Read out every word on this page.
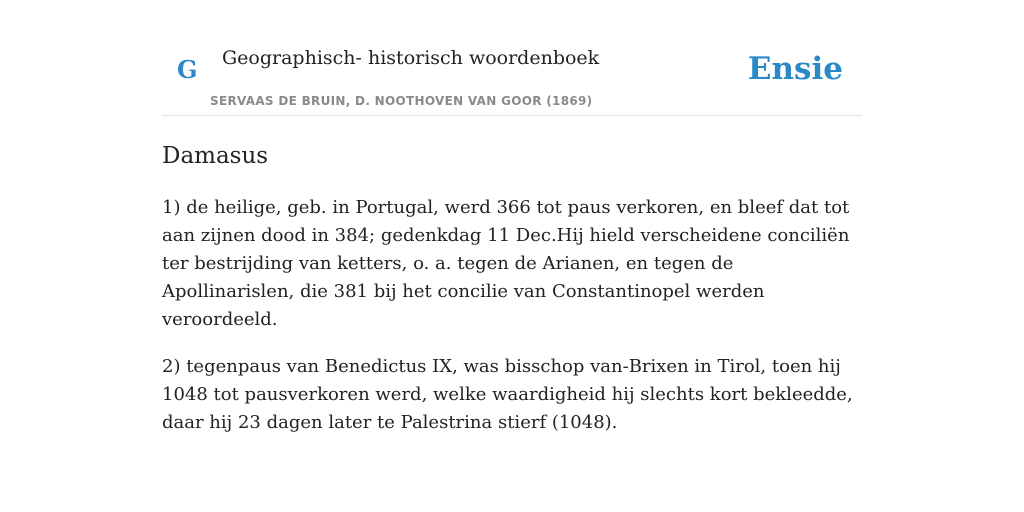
G Geographisch- historisch woordenboek
SERVAAS DE BRUIN, D. NOOTHOVEN VAN GOOR (1869)
Ensie
Damasus

1) de heilige, geb. in Portugal, werd 366 tot paus verkoren, en bleef dat tot aan zijnen dood in 384; gedenkdag 11 Dec.Hij hield verscheidene conciliën ter bestrijding van ketters, o. a. tegen de Arianen, en tegen de Apollinarislen, die 381 bij het concilie van Constantinopel werden veroordeeld.

2) tegenpaus van Benedictus IX, was bisschop van-Brixen in Tirol, toen hij 1048 tot pausverkoren werd, welke waardigheid hij slechts kort bekleedde, daar hij 23 dagen later te Palestrina stierf (1048).
